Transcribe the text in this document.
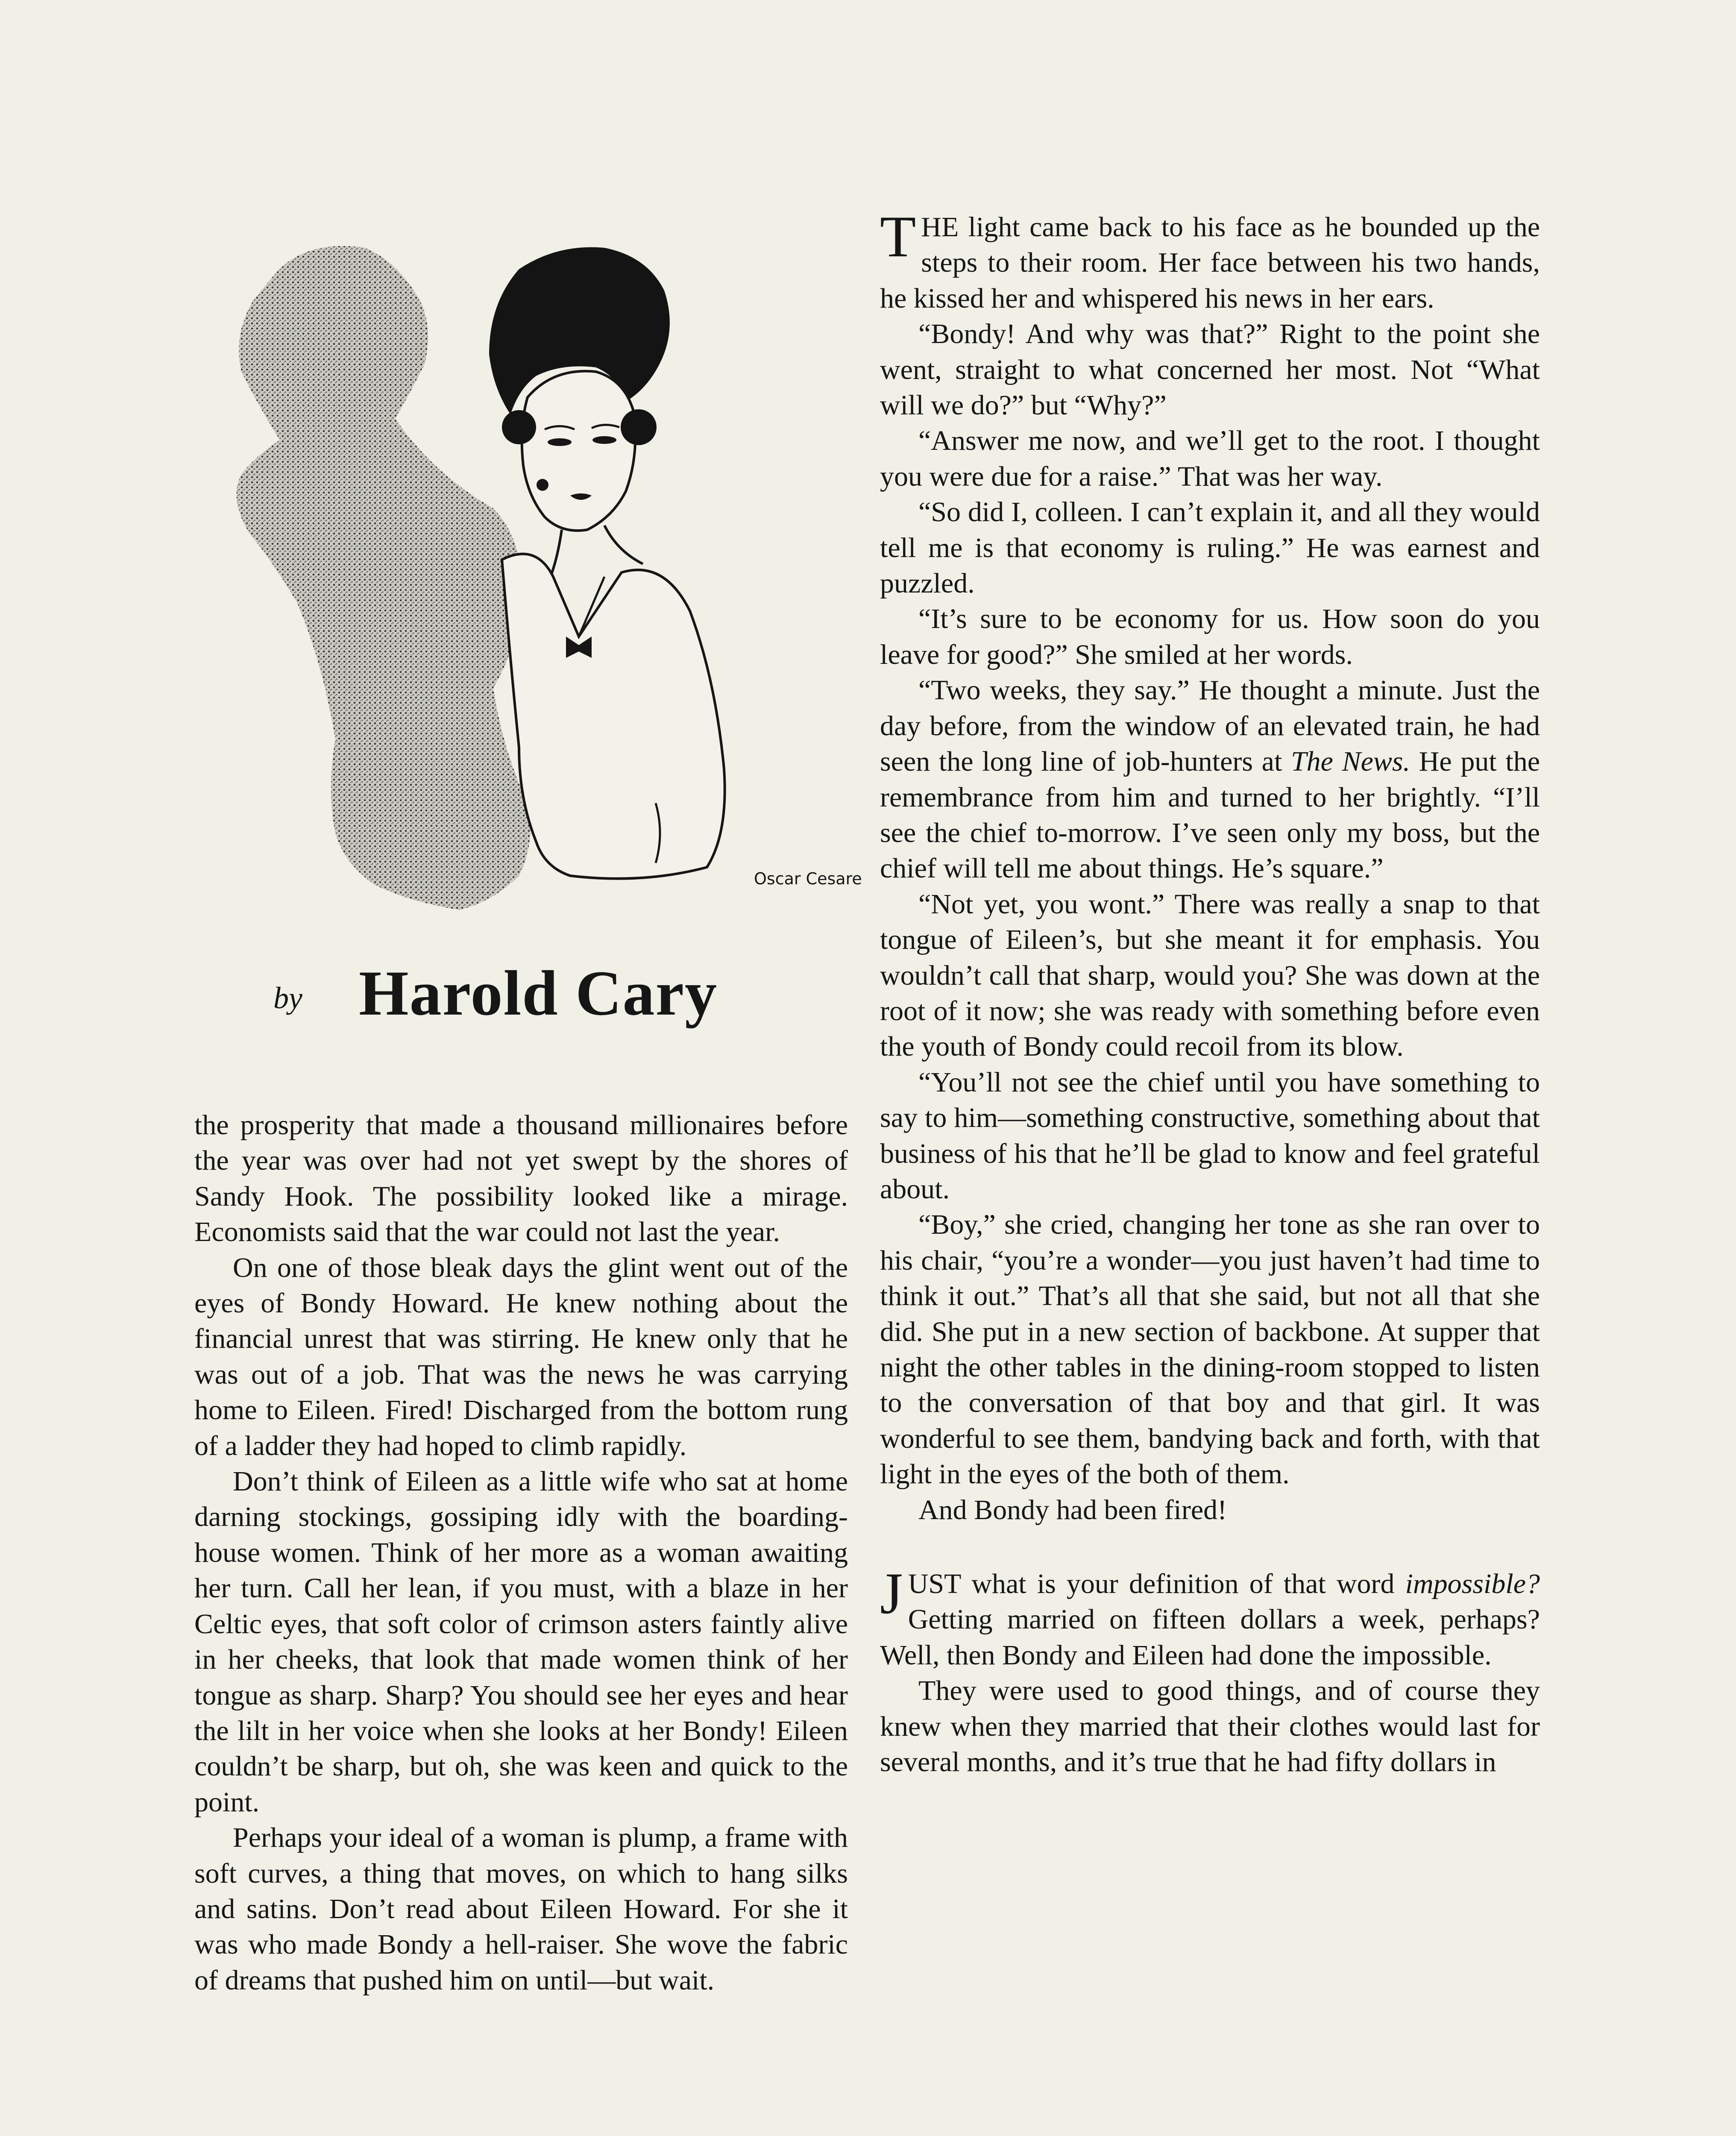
Oscar Cesare
by Harold Cary

the prosperity that made a thousand millionaires before the year was over had not yet swept by the shores of Sandy Hook. The possibility looked like a mirage. Economists said that the war could not last the year.

On one of those bleak days the glint went out of the eyes of Bondy Howard. He knew nothing about the financial unrest that was stirring. He knew only that he was out of a job. That was the news he was carrying home to Eileen. Fired! Discharged from the bottom rung of a ladder they had hoped to climb rapidly.

Don’t think of Eileen as a little wife who sat at home darning stockings, gossiping idly with the boarding-house women. Think of her more as a woman awaiting her turn. Call her lean, if you must, with a blaze in her Celtic eyes, that soft color of crimson asters faintly alive in her cheeks, that look that made women think of her tongue as sharp. Sharp? You should see her eyes and hear the lilt in her voice when she looks at her Bondy! Eileen couldn’t be sharp, but oh, she was keen and quick to the point.

Perhaps your ideal of a woman is plump, a frame with soft curves, a thing that moves, on which to hang silks and satins. Don’t read about Eileen Howard. For she it was who made Bondy a hell-raiser. She wove the fabric of dreams that pushed him on until—but wait.

THE light came back to his face as he bounded up the steps to their room. Her face between his two hands, he kissed her and whispered his news in her ears.

“Bondy! And why was that?” Right to the point she went, straight to what concerned her most. Not “What will we do?” but “Why?”

“Answer me now, and we’ll get to the root. I thought you were due for a raise.” That was her way.

“So did I, colleen. I can’t explain it, and all they would tell me is that economy is ruling.” He was earnest and puzzled.

“It’s sure to be economy for us. How soon do you leave for good?” She smiled at her words.

“Two weeks, they say.” He thought a minute. Just the day before, from the window of an elevated train, he had seen the long line of job-hunters at The News. He put the remembrance from him and turned to her brightly. “I’ll see the chief to-morrow. I’ve seen only my boss, but the chief will tell me about things. He’s square.”

“Not yet, you wont.” There was really a snap to that tongue of Eileen’s, but she meant it for emphasis. You wouldn’t call that sharp, would you? She was down at the root of it now; she was ready with something before even the youth of Bondy could recoil from its blow.

“You’ll not see the chief until you have something to say to him—something constructive, something about that business of his that he’ll be glad to know and feel grateful about.

“Boy,” she cried, changing her tone as she ran over to his chair, “you’re a wonder—you just haven’t had time to think it out.” That’s all that she said, but not all that she did. She put in a new section of backbone. At supper that night the other tables in the dining-room stopped to listen to the conversation of that boy and that girl. It was wonderful to see them, bandying back and forth, with that light in the eyes of the both of them.

And Bondy had been fired!

JUST what is your definition of that word impossible? Getting married on fifteen dollars a week, perhaps? Well, then Bondy and Eileen had done the impossible.

They were used to good things, and of course they knew when they married that their clothes would last for several months, and it’s true that he had fifty dollars in
